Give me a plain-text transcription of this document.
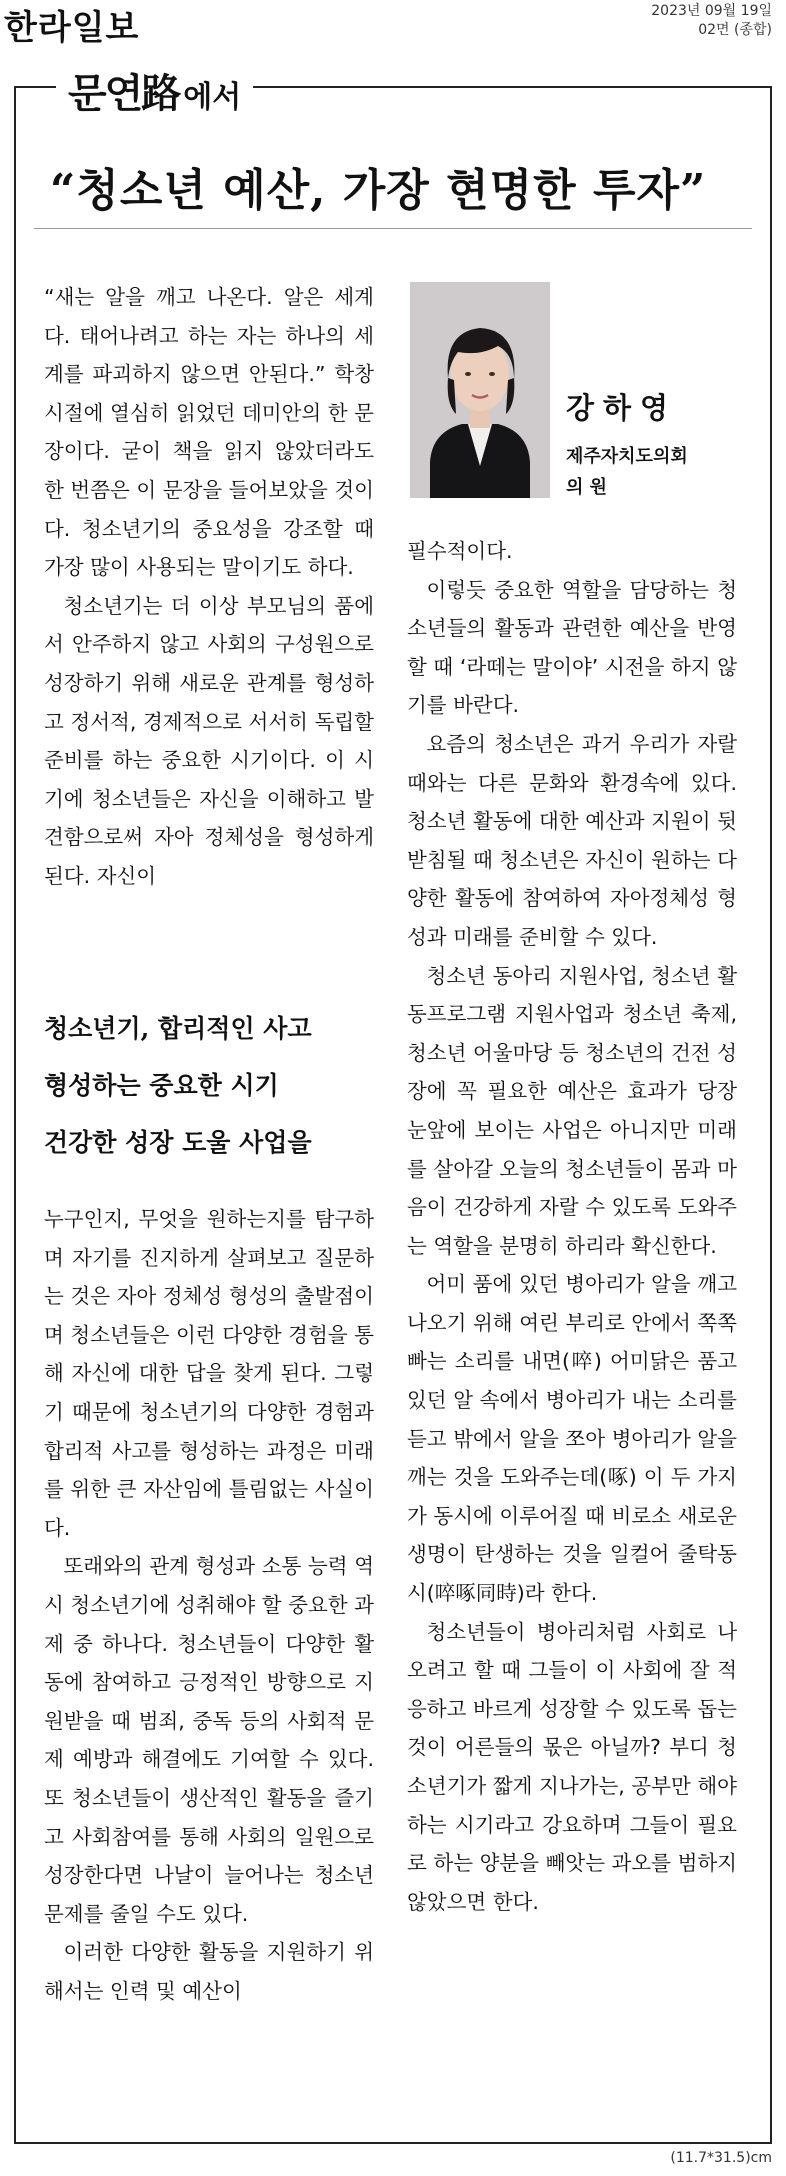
한라일보	2023년 09월 19일
02면 (종합)
문연路 에서
“청소년 예산, 가장 현명한 투자”
강하영
제주자치도의회
의 원

“새는 알을 깨고 나온다. 알은 세계다. 태어나려고 하는 자는 하나의 세계를 파괴하지 않으면 안된다.” 학창시절에 열심히 읽었던 데미안의 한 문장이다. 굳이 책을 읽지 않았더라도 한 번쯤은 이 문장을 들어보았을 것이다. 청소년기의 중요성을 강조할 때 가장 많이 사용되는 말이기도 하다.

청소년기는 더 이상 부모님의 품에서 안주하지 않고 사회의 구성원으로 성장하기 위해 새로운 관계를 형성하고 정서적, 경제적으로 서서히 독립할 준비를 하는 중요한 시기이다. 이 시기에 청소년들은 자신을 이해하고 발견함으로써 자아 정체성을 형성하게 된다. 자신이

청소년기, 합리적인 사고
형성하는 중요한 시기
건강한 성장 도울 사업을

누구인지, 무엇을 원하는지를 탐구하며 자기를 진지하게 살펴보고 질문하는 것은 자아 정체성 형성의 출발점이며 청소년들은 이런 다양한 경험을 통해 자신에 대한 답을 찾게 된다. 그렇기 때문에 청소년기의 다양한 경험과 합리적 사고를 형성하는 과정은 미래를 위한 큰 자산임에 틀림없는 사실이다.

또래와의 관계 형성과 소통 능력 역시 청소년기에 성취해야 할 중요한 과제 중 하나다. 청소년들이 다양한 활동에 참여하고 긍정적인 방향으로 지원받을 때 범죄, 중독 등의 사회적 문제 예방과 해결에도 기여할 수 있다. 또 청소년들이 생산적인 활동을 즐기고 사회참여를 통해 사회의 일원으로 성장한다면 나날이 늘어나는 청소년 문제를 줄일 수도 있다.

이러한 다양한 활동을 지원하기 위해서는 인력 및 예산이

필수적이다.

이렇듯 중요한 역할을 담당하는 청소년들의 활동과 관련한 예산을 반영할 때 ‘라떼는 말이야’ 시전을 하지 않기를 바란다.

요즘의 청소년은 과거 우리가 자랄 때와는 다른 문화와 환경속에 있다. 청소년 활동에 대한 예산과 지원이 뒷받침될 때 청소년은 자신이 원하는 다양한 활동에 참여하여 자아정체성 형성과 미래를 준비할 수 있다.

청소년 동아리 지원사업, 청소년 활동프로그램 지원사업과 청소년 축제, 청소년 어울마당 등 청소년의 건전 성장에 꼭 필요한 예산은 효과가 당장 눈앞에 보이는 사업은 아니지만 미래를 살아갈 오늘의 청소년들이 몸과 마음이 건강하게 자랄 수 있도록 도와주는 역할을 분명히 하리라 확신한다.

어미 품에 있던 병아리가 알을 깨고 나오기 위해 여린 부리로 안에서 쪽쪽 빠는 소리를 내면(啐) 어미닭은 품고 있던 알 속에서 병아리가 내는 소리를 듣고 밖에서 알을 쪼아 병아리가 알을 깨는 것을 도와주는데(啄) 이 두 가지가 동시에 이루어질 때 비로소 새로운 생명이 탄생하는 것을 일컬어 줄탁동시(啐啄同時)라 한다.

청소년들이 병아리처럼 사회로 나오려고 할 때 그들이 이 사회에 잘 적응하고 바르게 성장할 수 있도록 돕는 것이 어른들의 몫은 아닐까? 부디 청소년기가 짧게 지나가는, 공부만 해야 하는 시기라고 강요하며 그들이 필요로 하는 양분을 빼앗는 과오를 범하지 않았으면 한다.

(11.7*31.5)cm
